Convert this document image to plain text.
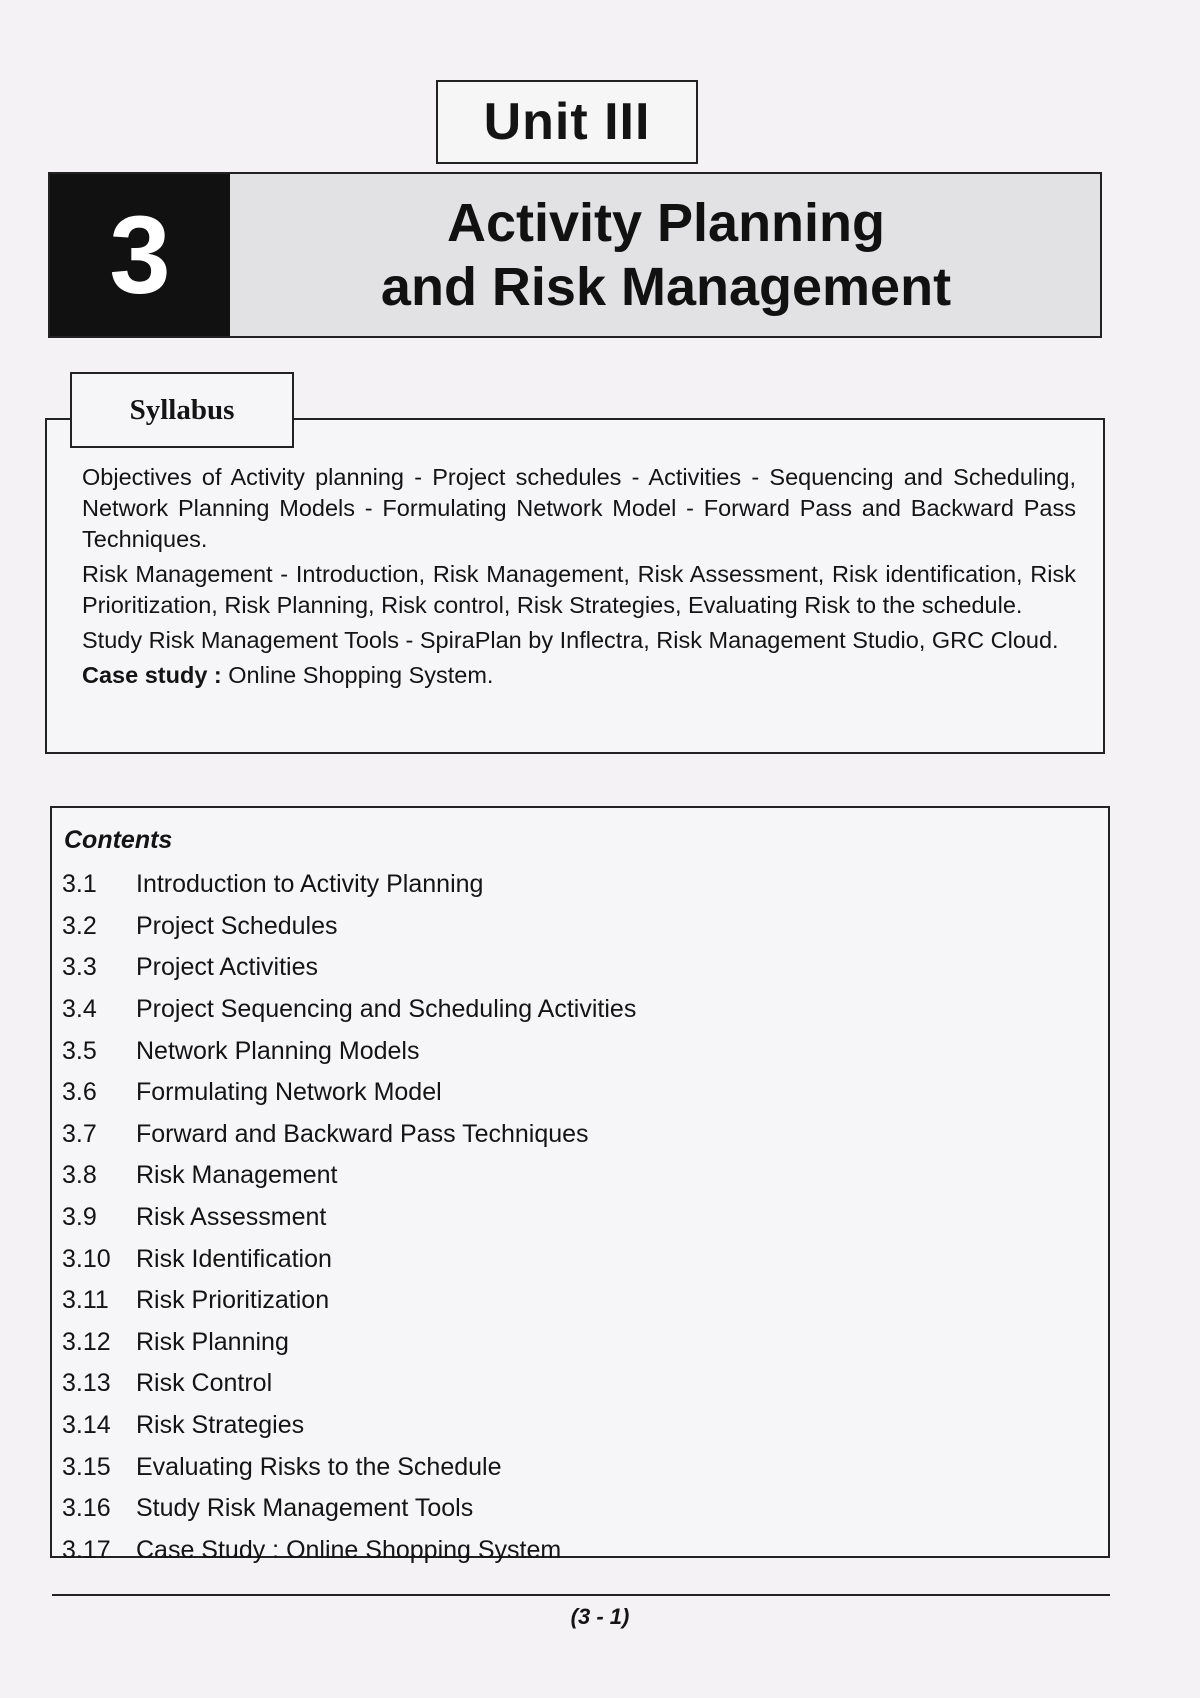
Unit III
3	Activity Planning
and Risk Management
Syllabus

Objectives of Activity planning - Project schedules - Activities - Sequencing and Scheduling, Network Planning Models - Formulating Network Model - Forward Pass and Backward Pass Techniques.

Risk Management - Introduction, Risk Management, Risk Assessment, Risk identification, Risk Prioritization, Risk Planning, Risk control, Risk Strategies, Evaluating Risk to the schedule.

Study Risk Management Tools - SpiraPlan by Inflectra, Risk Management Studio, GRC Cloud.

Case study : Online Shopping System.

Contents
3.1	Introduction to Activity Planning
3.2	Project Schedules
3.3	Project Activities
3.4	Project Sequencing and Scheduling Activities
3.5	Network Planning Models
3.6	Formulating Network Model
3.7	Forward and Backward Pass Techniques
3.8	Risk Management
3.9	Risk Assessment
3.10	Risk Identification
3.11	Risk Prioritization
3.12	Risk Planning
3.13	Risk Control
3.14	Risk Strategies
3.15	Evaluating Risks to the Schedule
3.16	Study Risk Management Tools
3.17	Case Study : Online Shopping System
(3 - 1)
